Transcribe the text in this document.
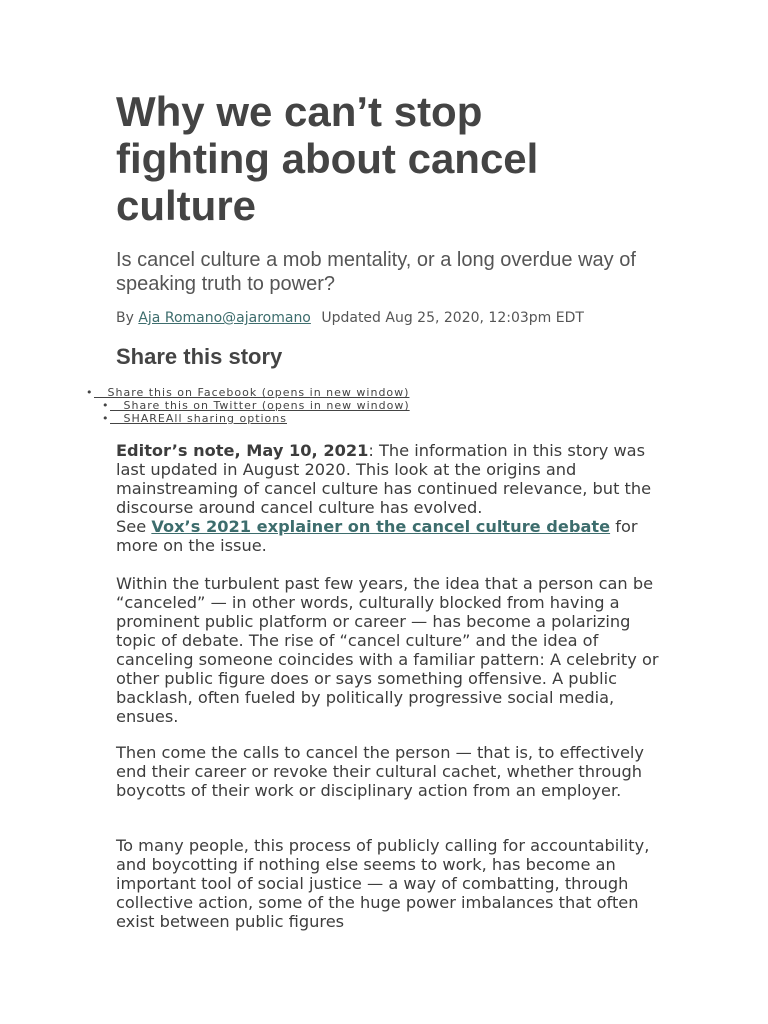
Why we can’t stop fighting about cancel culture

Is cancel culture a mob mentality, or a long overdue way of speaking truth to power?

By Aja Romano@ajaromano Updated Aug 25, 2020, 12:03pm EDT
Share this story
Editor’s note, May 10, 2021: The information in this story was last updated in August 2020. This look at the origins and mainstreaming of cancel culture has continued relevance, but the discourse around cancel culture has evolved.
See Vox’s 2021 explainer on the cancel culture debate for more on the issue.

Within the turbulent past few years, the idea that a person can be “canceled” — in other words, culturally blocked from having a prominent public platform or career — has become a polarizing topic of debate. The rise of “cancel culture” and the idea of canceling someone coincides with a familiar pattern: A celebrity or other public figure does or says something offensive. A public backlash, often fueled by politically progressive social media, ensues.

Then come the calls to cancel the person — that is, to effectively end their career or revoke their cultural cachet, whether through boycotts of their work or disciplinary action from an employer.

To many people, this process of publicly calling for accountability, and boycotting if nothing else seems to work, has become an important tool of social justice — a way of combatting, through collective action, some of the huge power imbalances that often exist between public figures

• Share this on Facebook (opens in new window)
• Share this on Twitter (opens in new window)
• SHAREAll sharing options
